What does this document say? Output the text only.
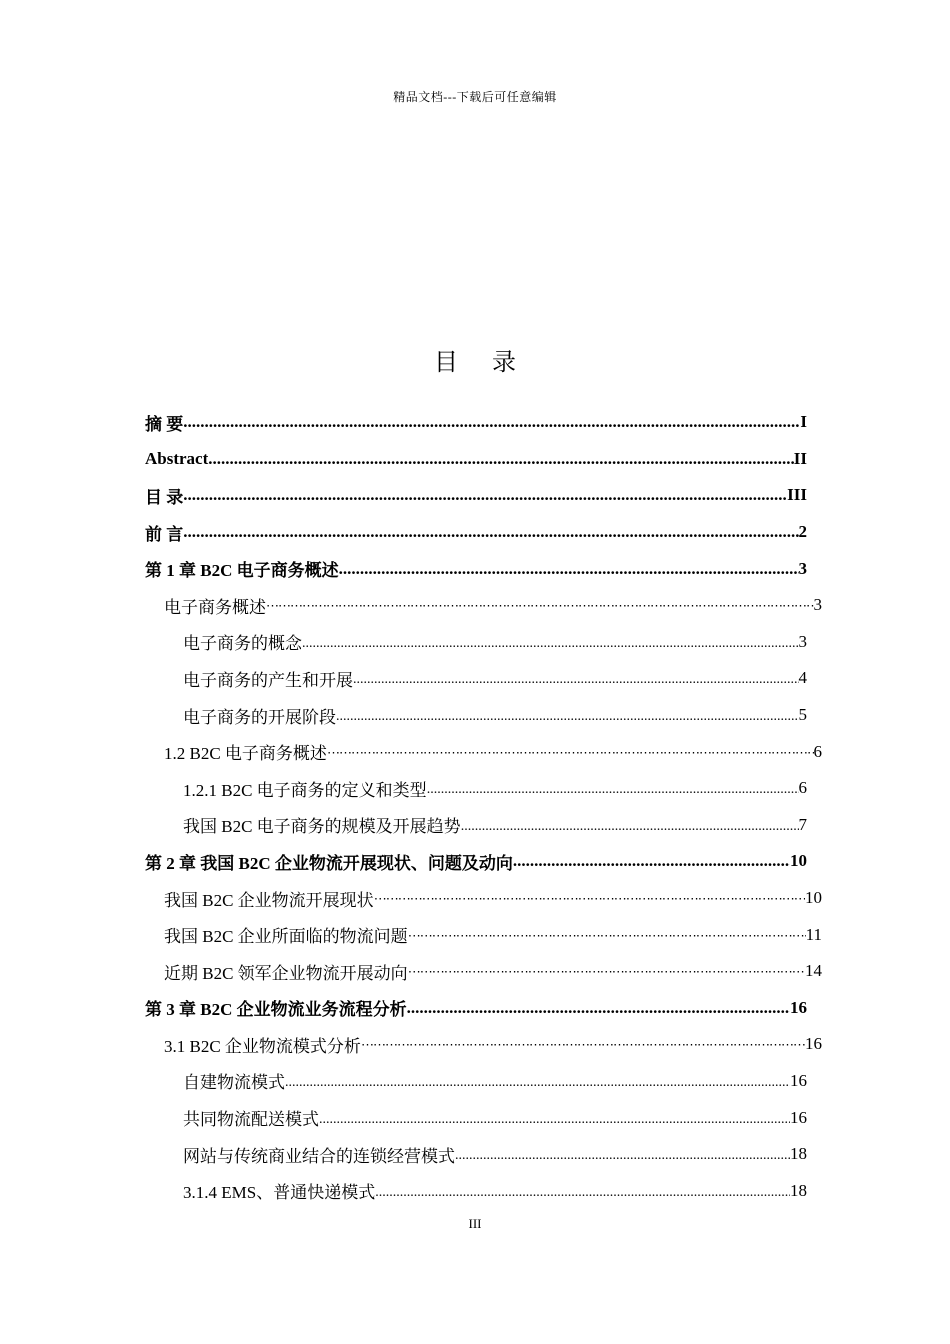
精品文档---下载后可任意编辑
目 录
摘 要 .....	I
Abstract .....	II
目 录 .....	III
前 言 .....	2
第 1 章 B2C 电子商务概述 .....	3
电子商务概述 ⋯⋯⋯⋯⋯⋯⋯⋯⋯⋯⋯⋯⋯⋯⋯⋯⋯⋯⋯⋯⋯⋯⋯⋯⋯⋯⋯⋯⋯⋯⋯⋯⋯⋯⋯⋯⋯⋯⋯⋯⋯⋯⋯⋯⋯⋯⋯⋯⋯⋯⋯⋯⋯⋯⋯⋯⋯⋯⋯⋯⋯⋯	3
电子商务的概念 .....	3
电子商务的产生和开展 .....	4
电子商务的开展阶段 .....	5
1.2 B2C 电子商务概述 ⋯⋯⋯⋯⋯⋯⋯⋯⋯⋯⋯⋯⋯⋯⋯⋯⋯⋯⋯⋯⋯⋯⋯⋯⋯⋯⋯⋯⋯⋯⋯⋯⋯⋯⋯⋯⋯⋯⋯⋯⋯⋯⋯⋯⋯⋯⋯⋯⋯⋯⋯⋯⋯⋯⋯⋯⋯⋯⋯⋯⋯⋯	6
1.2.1 B2C 电子商务的定义和类型 .....	6
我国 B2C 电子商务的规模及开展趋势 .....	7
第 2 章 我国 B2C 企业物流开展现状、问题及动向 .....	10
我国 B2C 企业物流开展现状 ⋯⋯⋯⋯⋯⋯⋯⋯⋯⋯⋯⋯⋯⋯⋯⋯⋯⋯⋯⋯⋯⋯⋯⋯⋯⋯⋯⋯⋯⋯⋯⋯⋯⋯⋯⋯⋯⋯⋯⋯⋯⋯⋯⋯⋯⋯⋯⋯⋯⋯⋯⋯⋯⋯⋯⋯⋯⋯⋯⋯⋯⋯	10
我国 B2C 企业所面临的物流问题 ⋯⋯⋯⋯⋯⋯⋯⋯⋯⋯⋯⋯⋯⋯⋯⋯⋯⋯⋯⋯⋯⋯⋯⋯⋯⋯⋯⋯⋯⋯⋯⋯⋯⋯⋯⋯⋯⋯⋯⋯⋯⋯⋯⋯⋯⋯⋯⋯⋯⋯⋯⋯⋯⋯⋯⋯⋯⋯⋯⋯⋯⋯	11
近期 B2C 领军企业物流开展动向 ⋯⋯⋯⋯⋯⋯⋯⋯⋯⋯⋯⋯⋯⋯⋯⋯⋯⋯⋯⋯⋯⋯⋯⋯⋯⋯⋯⋯⋯⋯⋯⋯⋯⋯⋯⋯⋯⋯⋯⋯⋯⋯⋯⋯⋯⋯⋯⋯⋯⋯⋯⋯⋯⋯⋯⋯⋯⋯⋯⋯⋯⋯	14
第 3 章 B2C 企业物流业务流程分析 .....	16
3.1 B2C 企业物流模式分析 ⋯⋯⋯⋯⋯⋯⋯⋯⋯⋯⋯⋯⋯⋯⋯⋯⋯⋯⋯⋯⋯⋯⋯⋯⋯⋯⋯⋯⋯⋯⋯⋯⋯⋯⋯⋯⋯⋯⋯⋯⋯⋯⋯⋯⋯⋯⋯⋯⋯⋯⋯⋯⋯⋯⋯⋯⋯⋯⋯⋯⋯⋯	16
自建物流模式 .....	16
共同物流配送模式 .....	16
网站与传统商业结合的连锁经营模式 .....	18
3.1.4 EMS、普通快递模式 .....	18
III
